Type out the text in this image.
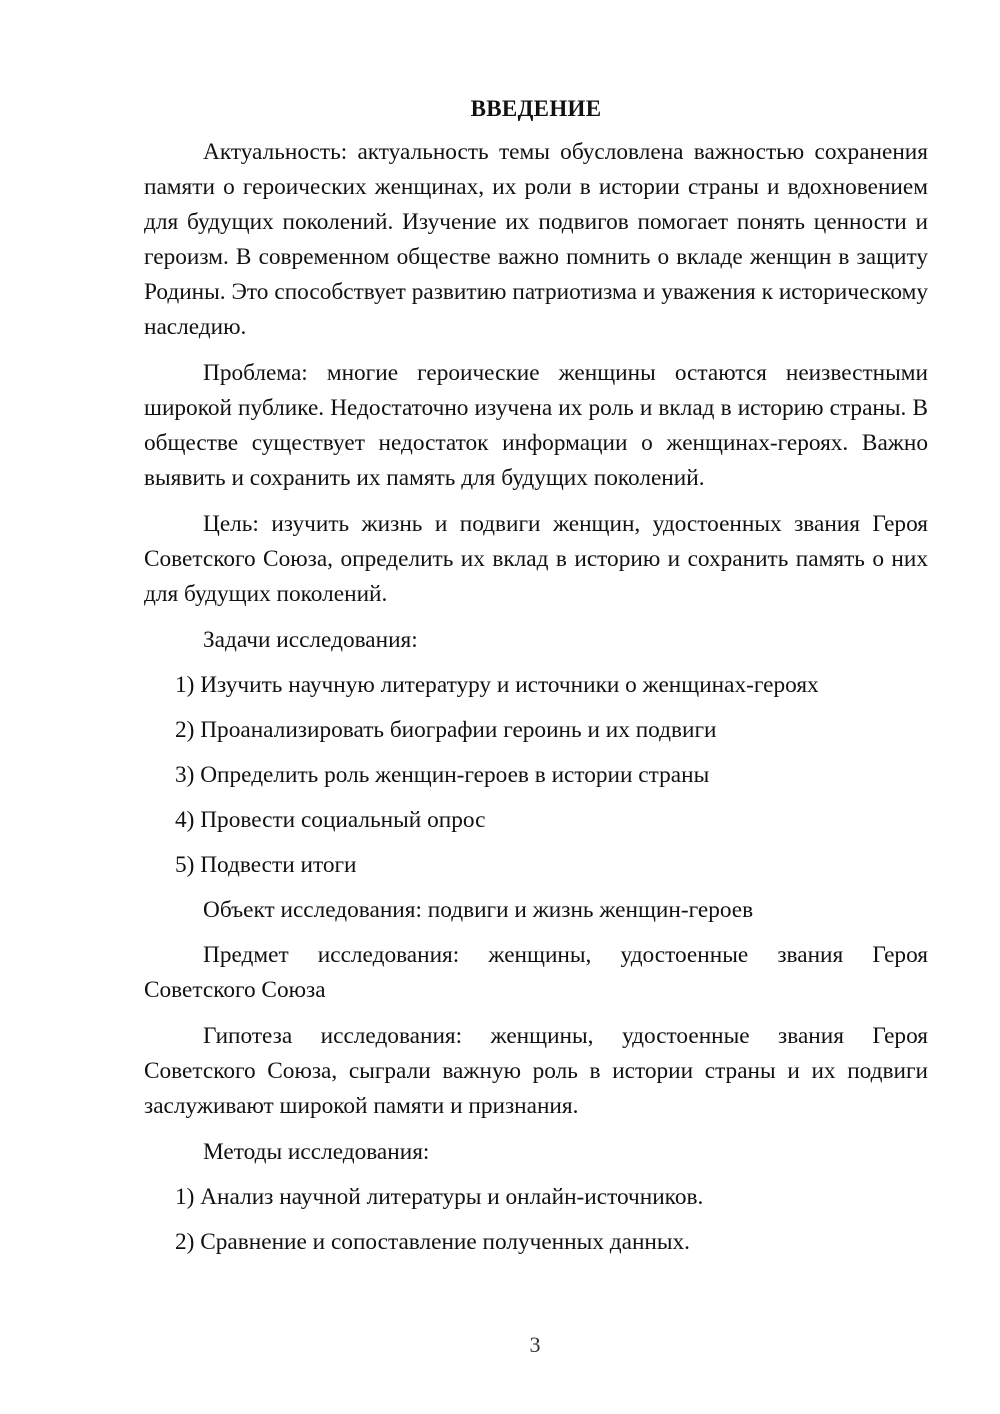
ВВЕДЕНИЕ

Актуальность: актуальность темы обусловлена важностью сохранения памяти о героических женщинах, их роли в истории страны и вдохновением для будущих поколений. Изучение их подвигов помогает понять ценности и героизм. В современном обществе важно помнить о вкладе женщин в защиту Родины. Это способствует развитию патриотизма и уважения к историческому наследию.

Проблема: многие героические женщины остаются неизвестными широкой публике. Недостаточно изучена их роль и вклад в историю страны. В обществе существует недостаток информации о женщинах-героях. Важно выявить и сохранить их память для будущих поколений.

Цель: изучить жизнь и подвиги женщин, удостоенных звания Героя Советского Союза, определить их вклад в историю и сохранить память о них для будущих поколений.

Задачи исследования:
1) Изучить научную литературу и источники о женщинах-героях
2) Проанализировать биографии героинь и их подвиги
3) Определить роль женщин-героев в истории страны
4) Провести социальный опрос
5) Подвести итоги
Объект исследования: подвиги и жизнь женщин-героев

Предмет исследования: женщины, удостоенные звания Героя Советского Союза

Гипотеза исследования: женщины, удостоенные звания Героя Советского Союза, сыграли важную роль в истории страны и их подвиги заслуживают широкой памяти и признания.

Методы исследования:
1) Анализ научной литературы и онлайн-источников.
2) Сравнение и сопоставление полученных данных.
3
